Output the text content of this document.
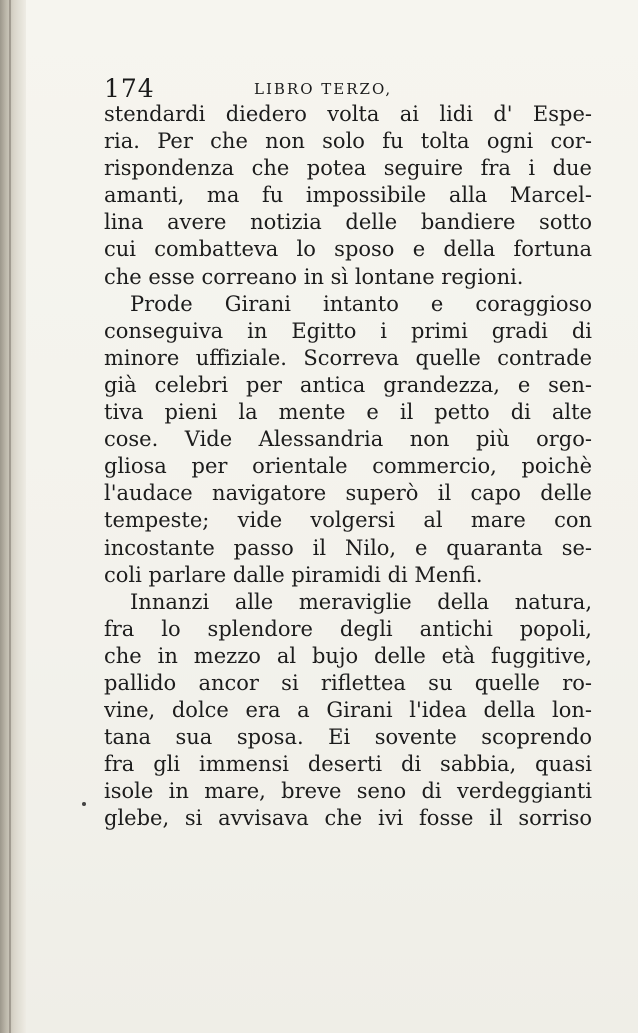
174	LIBRO TERZO,
stendardi diedero volta ai lidi d' Espe-
ria. Per che non solo fu tolta ogni cor-
rispondenza che potea seguire fra i due
amanti, ma fu impossibile alla Marcel-
lina avere notizia delle bandiere sotto
cui combatteva lo sposo e della fortuna
che esse correano in sì lontane regioni.
Prode Girani intanto e coraggioso
conseguiva in Egitto i primi gradi di
minore uffiziale. Scorreva quelle contrade
già celebri per antica grandezza, e sen-
tiva pieni la mente e il petto di alte
cose. Vide Alessandria non più orgo-
gliosa per orientale commercio, poichè
l'audace navigatore superò il capo delle
tempeste; vide volgersi al mare con
incostante passo il Nilo, e quaranta se-
coli parlare dalle piramidi di Menfi.
Innanzi alle meraviglie della natura,
fra lo splendore degli antichi popoli,
che in mezzo al bujo delle età fuggitive,
pallido ancor si riflettea su quelle ro-
vine, dolce era a Girani l'idea della lon-
tana sua sposa. Ei sovente scoprendo
fra gli immensi deserti di sabbia, quasi
isole in mare, breve seno di verdeggianti
glebe, si avvisava che ivi fosse il sorriso
